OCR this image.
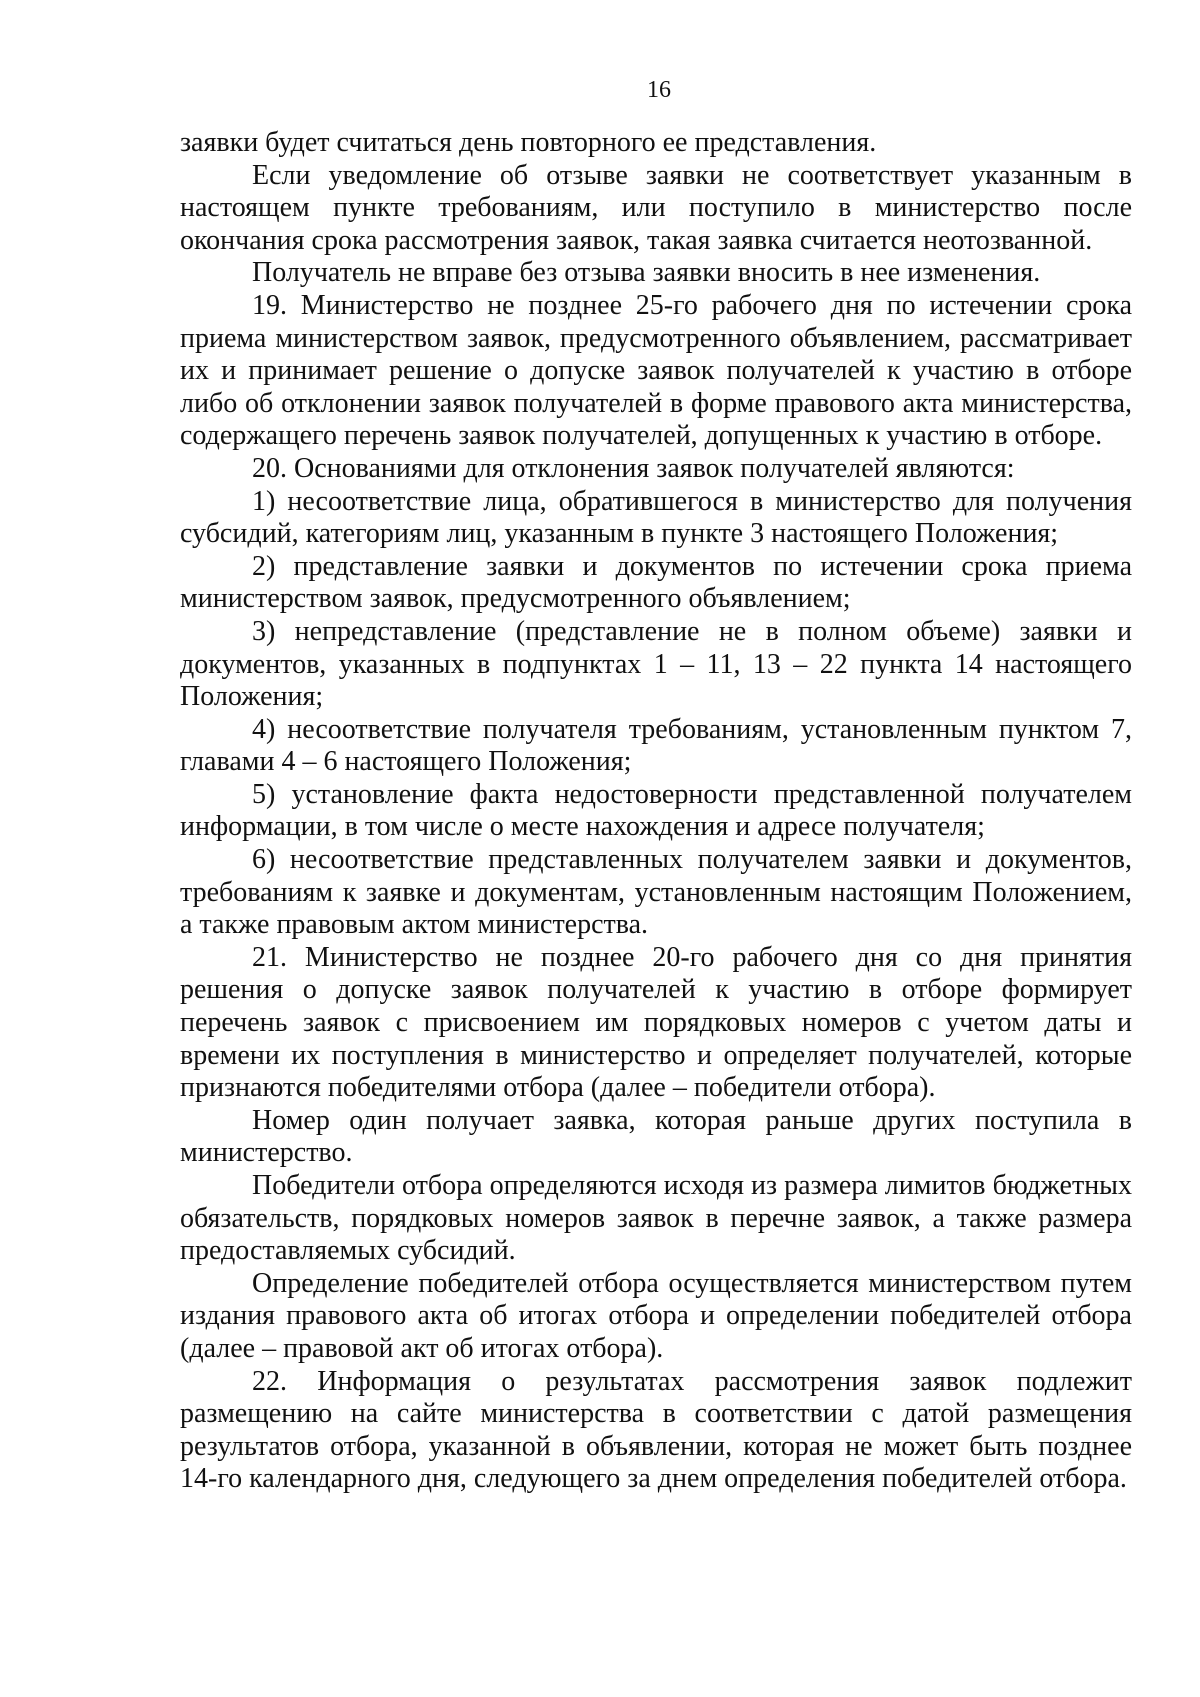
16

заявки будет считаться день повторного ее представления.

Если уведомление об отзыве заявки не соответствует указанным в настоящем пункте требованиям, или поступило в министерство после окончания срока рассмотрения заявок, такая заявка считается неотозванной.

Получатель не вправе без отзыва заявки вносить в нее изменения.

19. Министерство не позднее 25-го рабочего дня по истечении срока приема министерством заявок, предусмотренного объявлением, рассматривает их и принимает решение о допуске заявок получателей к участию в отборе либо об отклонении заявок получателей в форме правового акта министерства, содержащего перечень заявок получателей, допущенных к участию в отборе.

20. Основаниями для отклонения заявок получателей являются:

1) несоответствие лица, обратившегося в министерство для получения субсидий, категориям лиц, указанным в пункте 3 настоящего Положения;

2) представление заявки и документов по истечении срока приема министерством заявок, предусмотренного объявлением;

3) непредставление (представление не в полном объеме) заявки и документов, указанных в подпунктах 1 – 11, 13 – 22 пункта 14 настоящего Положения;

4) несоответствие получателя требованиям, установленным пунктом 7, главами 4 – 6 настоящего Положения;

5) установление факта недостоверности представленной получателем информации, в том числе о месте нахождения и адресе получателя;

6) несоответствие представленных получателем заявки и документов, требованиям к заявке и документам, установленным настоящим Положением, а также правовым актом министерства.

21. Министерство не позднее 20-го рабочего дня со дня принятия решения о допуске заявок получателей к участию в отборе формирует перечень заявок с присвоением им порядковых номеров с учетом даты и времени их поступления в министерство и определяет получателей, которые признаются победителями отбора (далее – победители отбора).

Номер один получает заявка, которая раньше других поступила в министерство.

Победители отбора определяются исходя из размера лимитов бюджетных обязательств, порядковых номеров заявок в перечне заявок, а также размера предоставляемых субсидий.

Определение победителей отбора осуществляется министерством путем издания правового акта об итогах отбора и определении победителей отбора (далее – правовой акт об итогах отбора).

22. Информация о результатах рассмотрения заявок подлежит размещению на сайте министерства в соответствии с датой размещения результатов отбора, указанной в объявлении, которая не может быть позднее 14-го календарного дня, следующего за днем определения победителей отбора.
